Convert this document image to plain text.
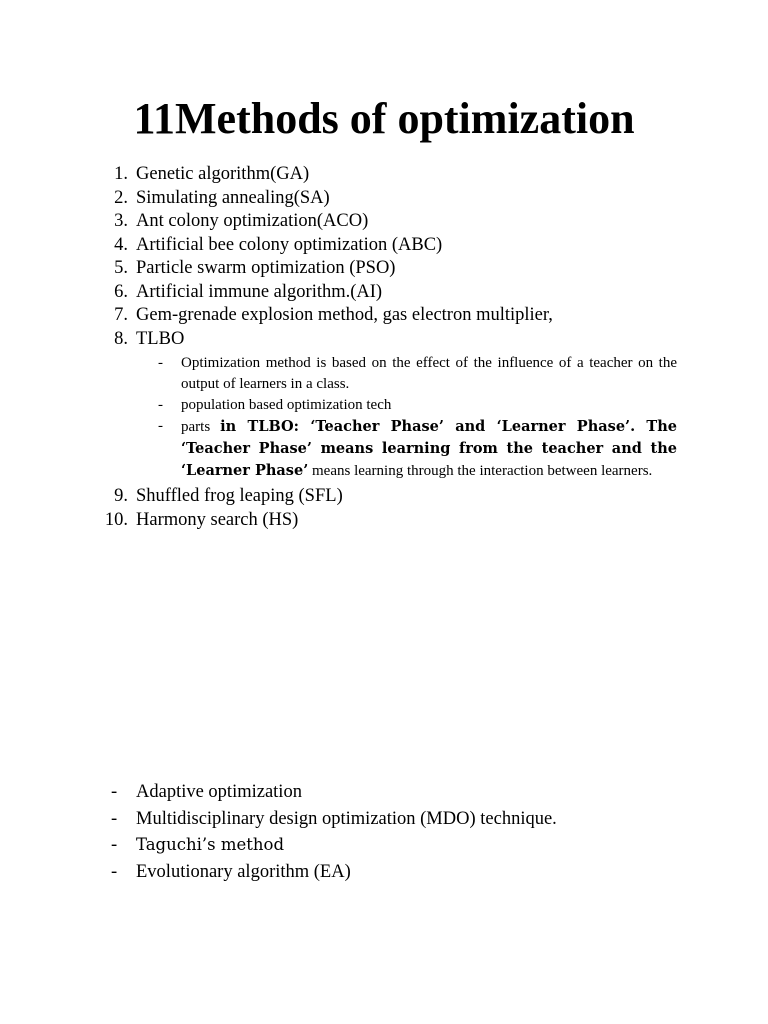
11Methods of optimization
1. Genetic algorithm(GA)
2. Simulating annealing(SA)
3. Ant colony optimization(ACO)
4. Artificial bee colony optimization (ABC)
5. Particle swarm optimization (PSO)
6. Artificial immune algorithm.(AI)
7. Gem-grenade explosion method, gas electron multiplier,
8. TLBO
- Optimization method is based on the effect of the influence of a teacher on the output of learners in a class.
- population based optimization tech
- parts in TLBO: ‘Teacher Phase’ and ‘Learner Phase’. The ‘Teacher Phase’ means learning from the teacher and the ‘Learner Phase’ means learning through the interaction between learners.
9. Shuffled frog leaping (SFL)
10. Harmony search (HS)
- Adaptive optimization
- Multidisciplinary design optimization (MDO) technique.
- Taguchi’s method
- Evolutionary algorithm (EA)
